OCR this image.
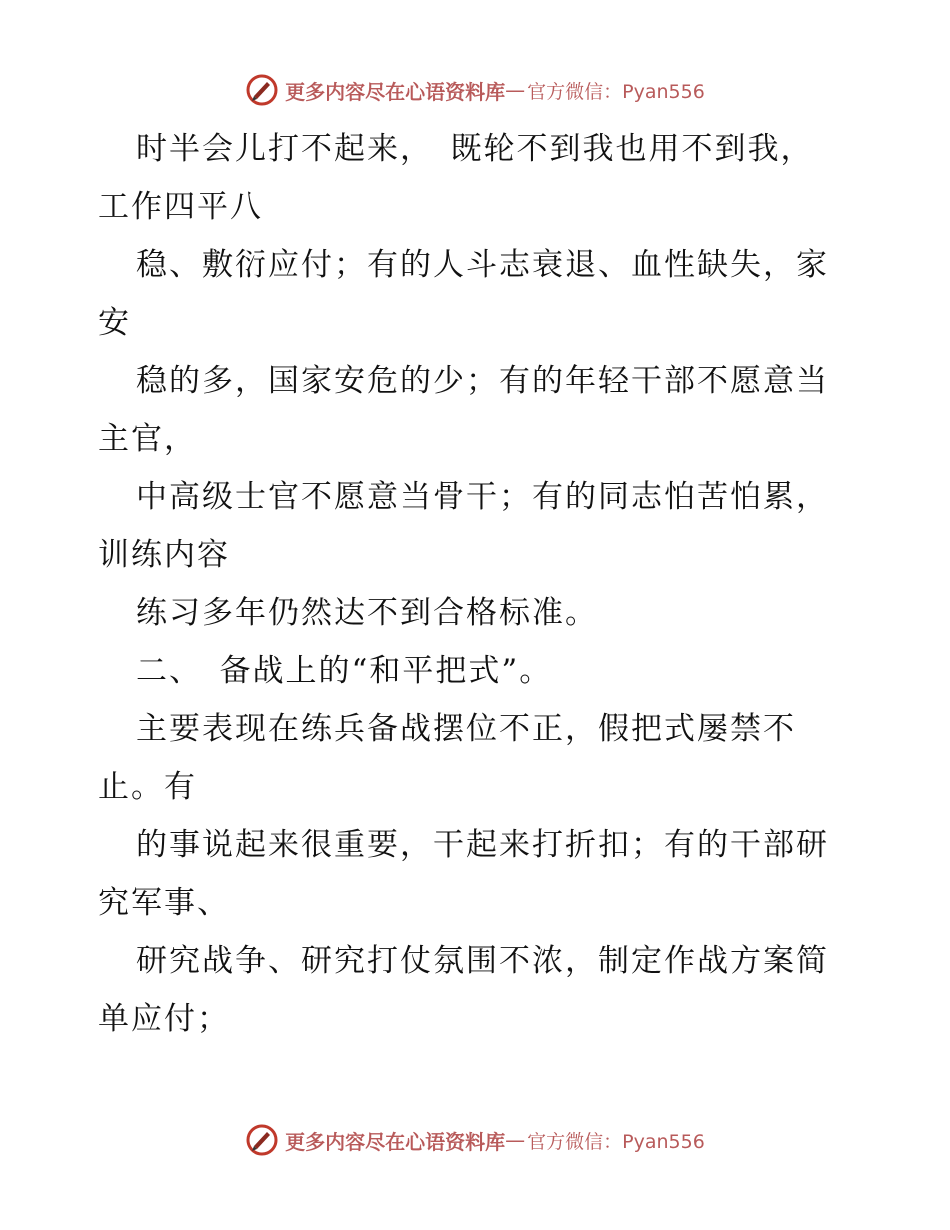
更多内容尽在心语资料库 — 官方微信：Pyan556
时半会儿打不起来，　既轮不到我也用不到我，
工作四平八
稳、敷衍应付；有的人斗志衰退、血性缺失，家
安
稳的多，国家安危的少；有的年轻干部不愿意当
主官，
中高级士官不愿意当骨干；有的同志怕苦怕累，
训练内容
练习多年仍然达不到合格标准。
二、　备战上的“和平把式”。
主要表现在练兵备战摆位不正，假把式屡禁不
止。有
的事说起来很重要，干起来打折扣；有的干部研
究军事、
研究战争、研究打仗氛围不浓，制定作战方案简
单应付；
更多内容尽在心语资料库 — 官方微信：Pyan556
